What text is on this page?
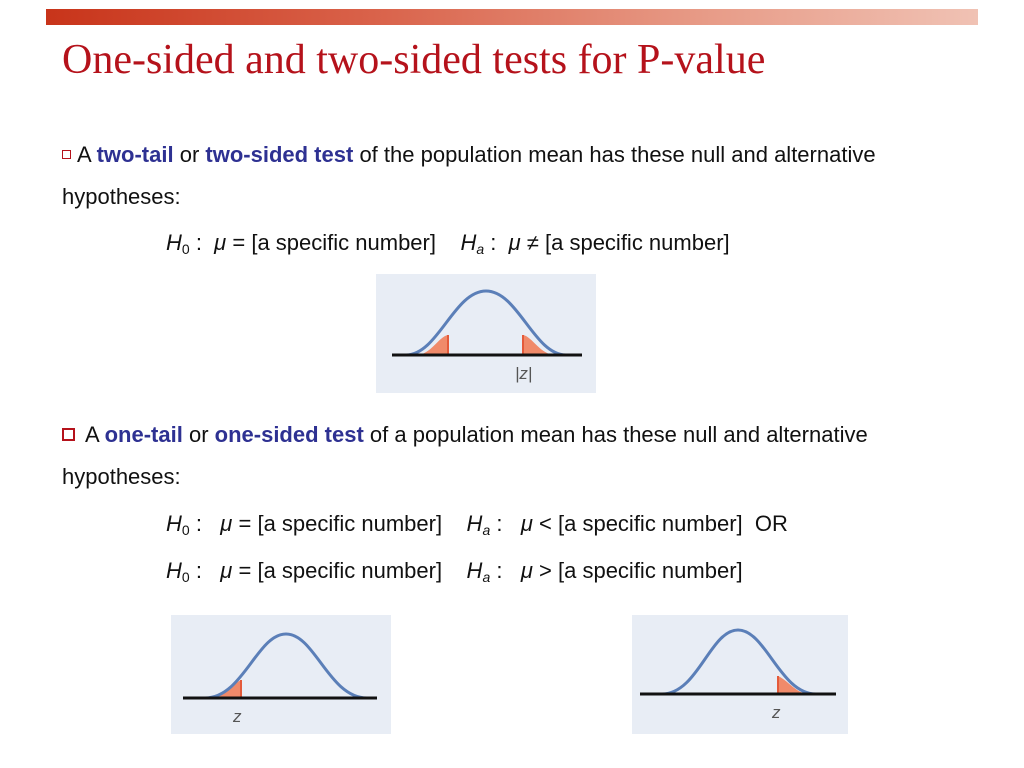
One-sided and two-sided tests for P-value

A two-tail or two-sided test of the population mean has these null and alternative hypotheses:

$H_0$ : μ = [a specific number] $H_a$ : μ ≠ [a specific number]
|z|

A one-tail or one-sided test of a population mean has these null and alternative hypotheses:

$H_0$ : μ = [a specific number] $H_a$ : μ < [a specific number] OR
$H_0$ : μ = [a specific number] $H_a$ : μ > [a specific number]
z	z
